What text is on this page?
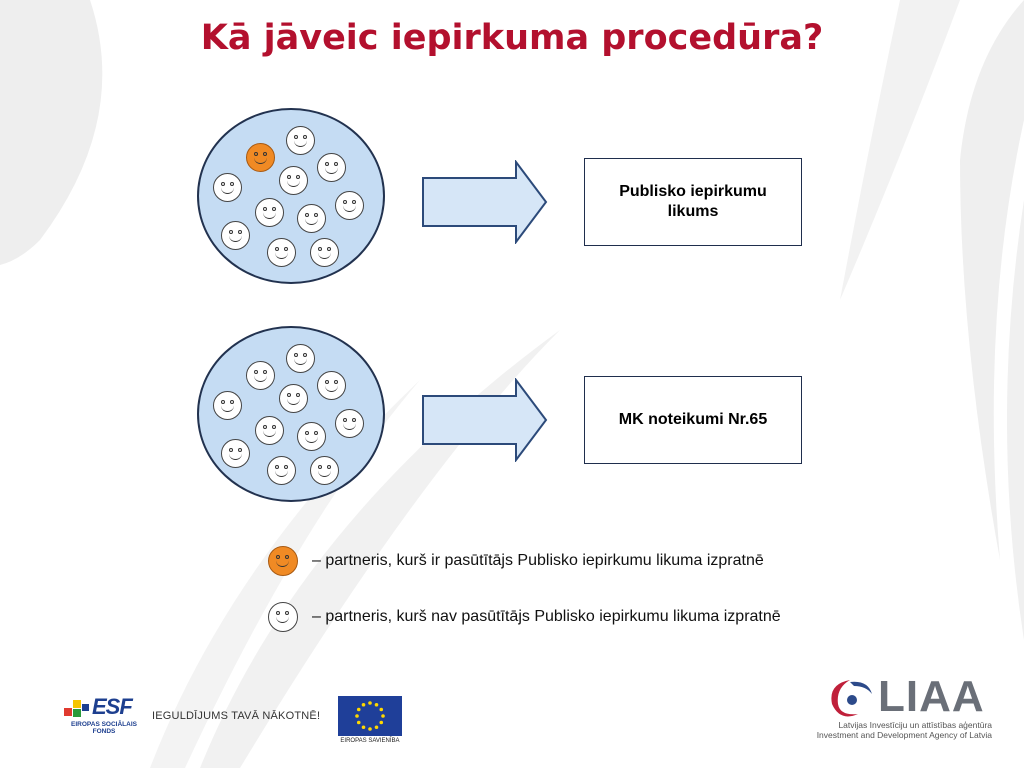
Kā jāveic iepirkuma procedūra?
Publisko iepirkumu likums
MK noteikumi Nr.65
– partneris, kurš ir pasūtītājs Publisko iepirkumu likuma izpratnē
– partneris, kurš nav pasūtītājs Publisko iepirkumu likuma izpratnē
ESF
EIROPAS SOCIĀLAIS FONDS
IEGULDĪJUMS TAVĀ NĀKOTNĒ!
EIROPAS SAVIENĪBA
LIAA
Latvijas Investīciju un attīstības aģentūra
Investment and Development Agency of Latvia
